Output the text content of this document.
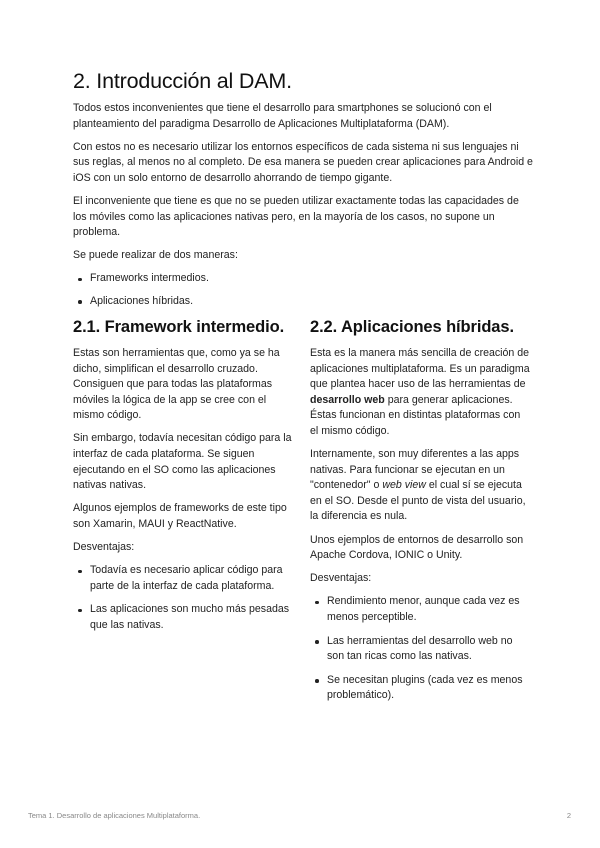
2. Introducción al DAM.

Todos estos inconvenientes que tiene el desarrollo para smartphones se solucionó con el planteamiento del paradigma Desarrollo de Aplicaciones Multiplataforma (DAM).

Con estos no es necesario utilizar los entornos específicos de cada sistema ni sus lenguajes ni sus reglas, al menos no al completo. De esa manera se pueden crear aplicaciones para Android e iOS con un solo entorno de desarrollo ahorrando de tiempo gigante.

El inconveniente que tiene es que no se pueden utilizar exactamente todas las capacidades de los móviles como las aplicaciones nativas pero, en la mayoría de los casos, no supone un problema.

Se puede realizar de dos maneras:

Frameworks intermedios.
Aplicaciones híbridas.
2.1. Framework intermedio.

Estas son herramientas que, como ya se ha dicho, simplifican el desarrollo cruzado. Consiguen que para todas las plataformas móviles la lógica de la app se cree con el mismo código.

Sin embargo, todavía necesitan código para la interfaz de cada plataforma. Se siguen ejecutando en el SO como las aplicaciones nativas nativas.

Algunos ejemplos de frameworks de este tipo son Xamarin, MAUI y ReactNative.

Desventajas:

Todavía es necesario aplicar código para parte de la interfaz de cada plataforma.
Las aplicaciones son mucho más pesadas que las nativas.
2.2. Aplicaciones híbridas.

Esta es la manera más sencilla de creación de aplicaciones multiplataforma. Es un paradigma que plantea hacer uso de las herramientas de desarrollo web para generar aplicaciones. Éstas funcionan en distintas plataformas con el mismo código.

Internamente, son muy diferentes a las apps nativas. Para funcionar se ejecutan en un "contenedor" o web view el cual sí se ejecuta en el SO. Desde el punto de vista del usuario, la diferencia es nula.

Unos ejemplos de entornos de desarrollo son Apache Cordova, IONIC o Unity.

Desventajas:

Rendimiento menor, aunque cada vez es menos perceptible.
Las herramientas del desarrollo web no son tan ricas como las nativas.
Se necesitan plugins (cada vez es menos problemático).
Tema 1. Desarrollo de aplicaciones Multiplataforma.	2
